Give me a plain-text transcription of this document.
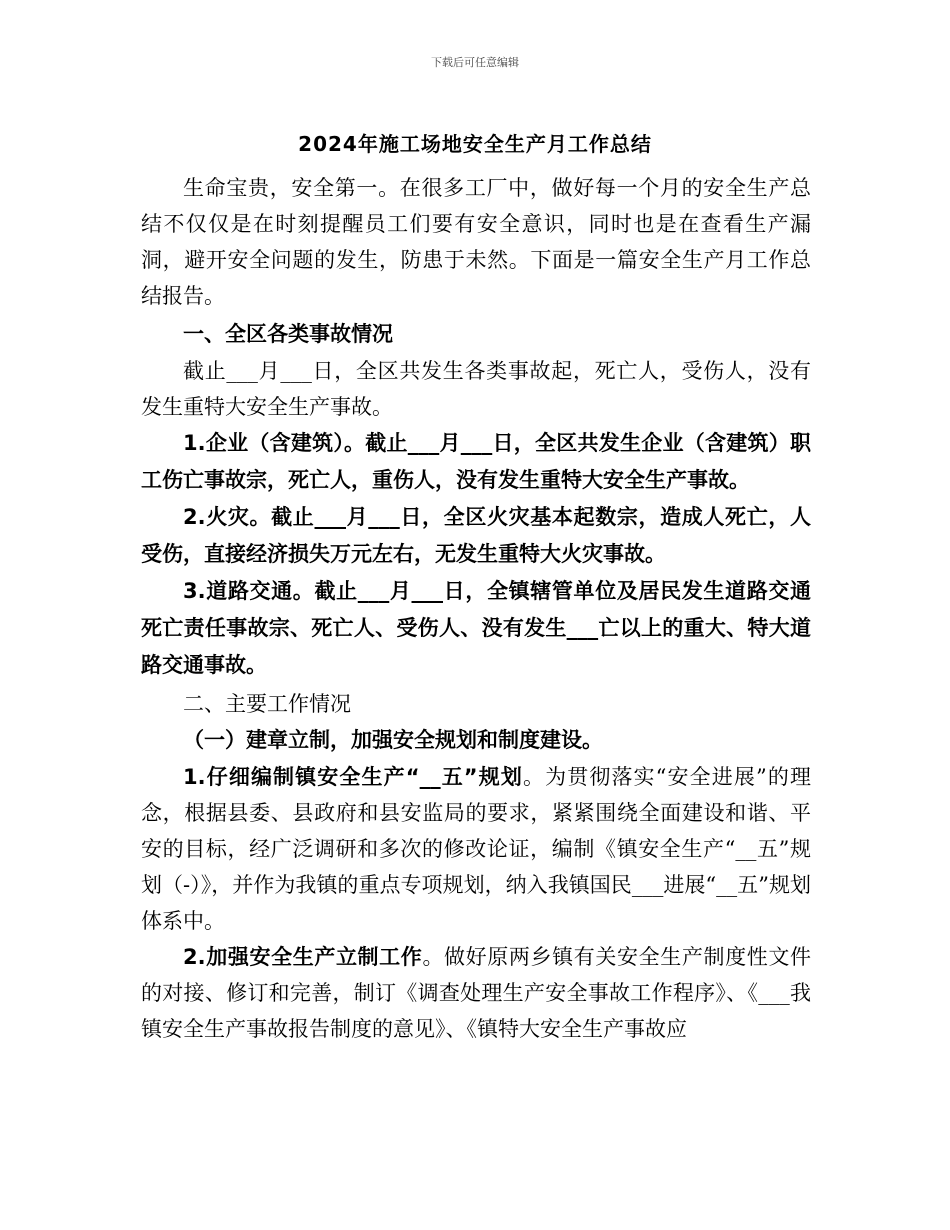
下载后可任意编辑
2024年施工场地安全生产月工作总结

生命宝贵，安全第一。在很多工厂中，做好每一个月的安全生产总结不仅仅是在时刻提醒员工们要有安全意识，同时也是在查看生产漏洞，避开安全问题的发生，防患于未然。下面是一篇安全生产月工作总结报告。

一、全区各类事故情况

截止___月___日，全区共发生各类事故起，死亡人，受伤人，没有发生重特大安全生产事故。

1.企业（含建筑）。截止___月___日，全区共发生企业（含建筑）职工伤亡事故宗，死亡人，重伤人，没有发生重特大安全生产事故。

2.火灾。截止___月___日，全区火灾基本起数宗，造成人死亡，人受伤，直接经济损失万元左右，无发生重特大火灾事故。

3.道路交通。截止___月___日，全镇辖管单位及居民发生道路交通死亡责任事故宗、死亡人、受伤人、没有发生___亡以上的重大、特大道路交通事故。

二、主要工作情况

（一）建章立制，加强安全规划和制度建设。

1.仔细编制镇安全生产“__五”规划。为贯彻落实“安全进展”的理念，根据县委、县政府和县安监局的要求，紧紧围绕全面建设和谐、平安的目标，经广泛调研和多次的修改论证，编制《镇安全生产“__五”规划（-）》，并作为我镇的重点专项规划，纳入我镇国民___进展“__五”规划体系中。

2.加强安全生产立制工作。做好原两乡镇有关安全生产制度性文件的对接、修订和完善，制订《调查处理生产安全事故工作程序》、《___我镇安全生产事故报告制度的意见》、《镇特大安全生产事故应
